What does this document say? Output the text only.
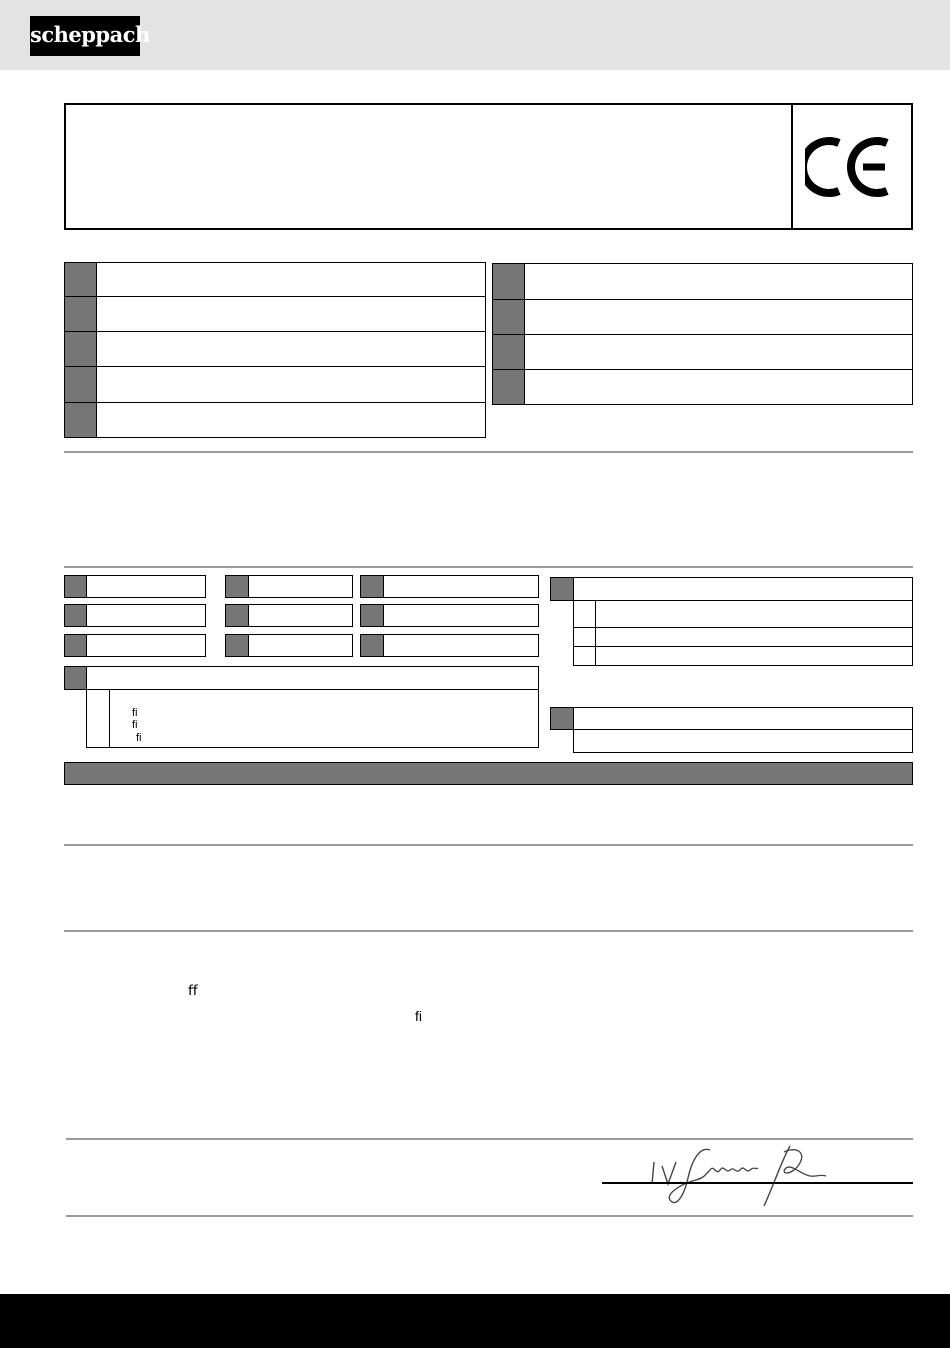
scheppach
ﬁ
ﬁ
ﬁ
ﬀ
ﬁ
